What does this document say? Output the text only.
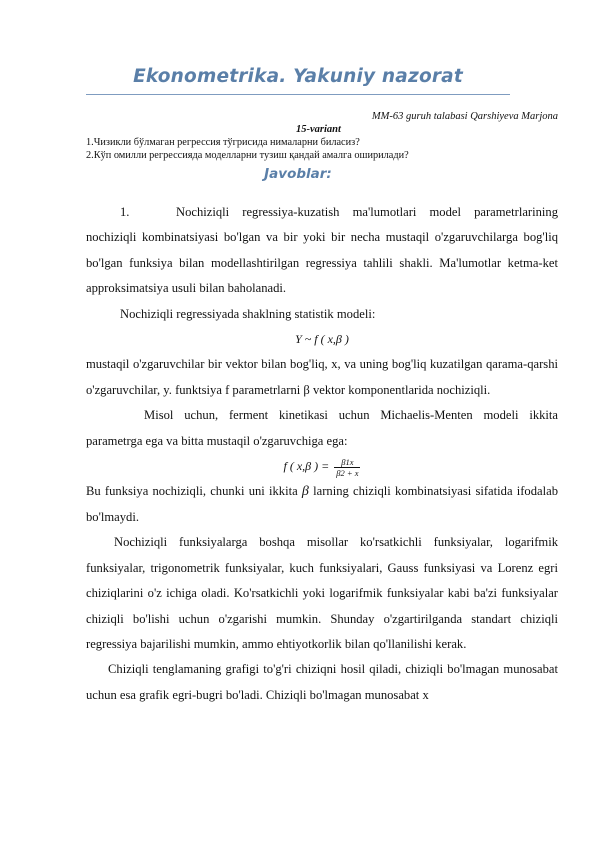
Ekonometrika. Yakuniy nazorat
MM-63 guruh talabasi Qarshiyeva Marjona
15-variant
1.Чизикли бўлмаган регрессия тўгрисида нималарни биласиз?
2.Кўп омилли регрессияда моделларни тузиш қандай амалга оширилади?
Javoblar:

1.	Nochiziqli regressiya-kuzatish ma'lumotlari model parametrlarining nochiziqli kombinatsiyasi bo'lgan va bir yoki bir necha mustaqil o'zgaruvchilarga bog'liq bo'lgan funksiya bilan modellashtirilgan regressiya tahlili shakli. Ma'lumotlar ketma-ket approksimatsiya usuli bilan baholanadi.

Nochiziqli regressiyada shaklning statistik modeli:

Y ~ f ( x,β )

mustaqil o'zgaruvchilar bir vektor bilan bog'liq, x, va uning bog'liq kuzatilgan qarama-qarshi o'zgaruvchilar, y. funktsiya f parametrlarni β vektor komponentlarida nochiziqli.

Misol uchun, ferment kinetikasi uchun Michaelis-Menten modeli ikkita parametrga ega va bitta mustaqil o'zgaruvchiga ega:

f ( x,β ) = $\frac{\beta 1x}{\beta 2 + x}$

Bu funksiya nochiziqli, chunki uni ikkita β larning chiziqli kombinatsiyasi sifatida ifodalab bo'lmaydi.

Nochiziqli funksiyalarga boshqa misollar ko'rsatkichli funksiyalar, logarifmik funksiyalar, trigonometrik funksiyalar, kuch funksiyalari, Gauss funksiyasi va Lorenz egri chiziqlarini o'z ichiga oladi. Ko'rsatkichli yoki logarifmik funksiyalar kabi ba'zi funksiyalar chiziqli bo'lishi uchun o'zgarishi mumkin. Shunday o'zgartirilganda standart chiziqli regressiya bajarilishi mumkin, ammo ehtiyotkorlik bilan qo'llanilishi kerak.

Chiziqli tenglamaning grafigi to'g'ri chiziqni hosil qiladi, chiziqli bo'lmagan munosabat uchun esa grafik egri-bugri bo'ladi. Chiziqli bo'lmagan munosabat x
